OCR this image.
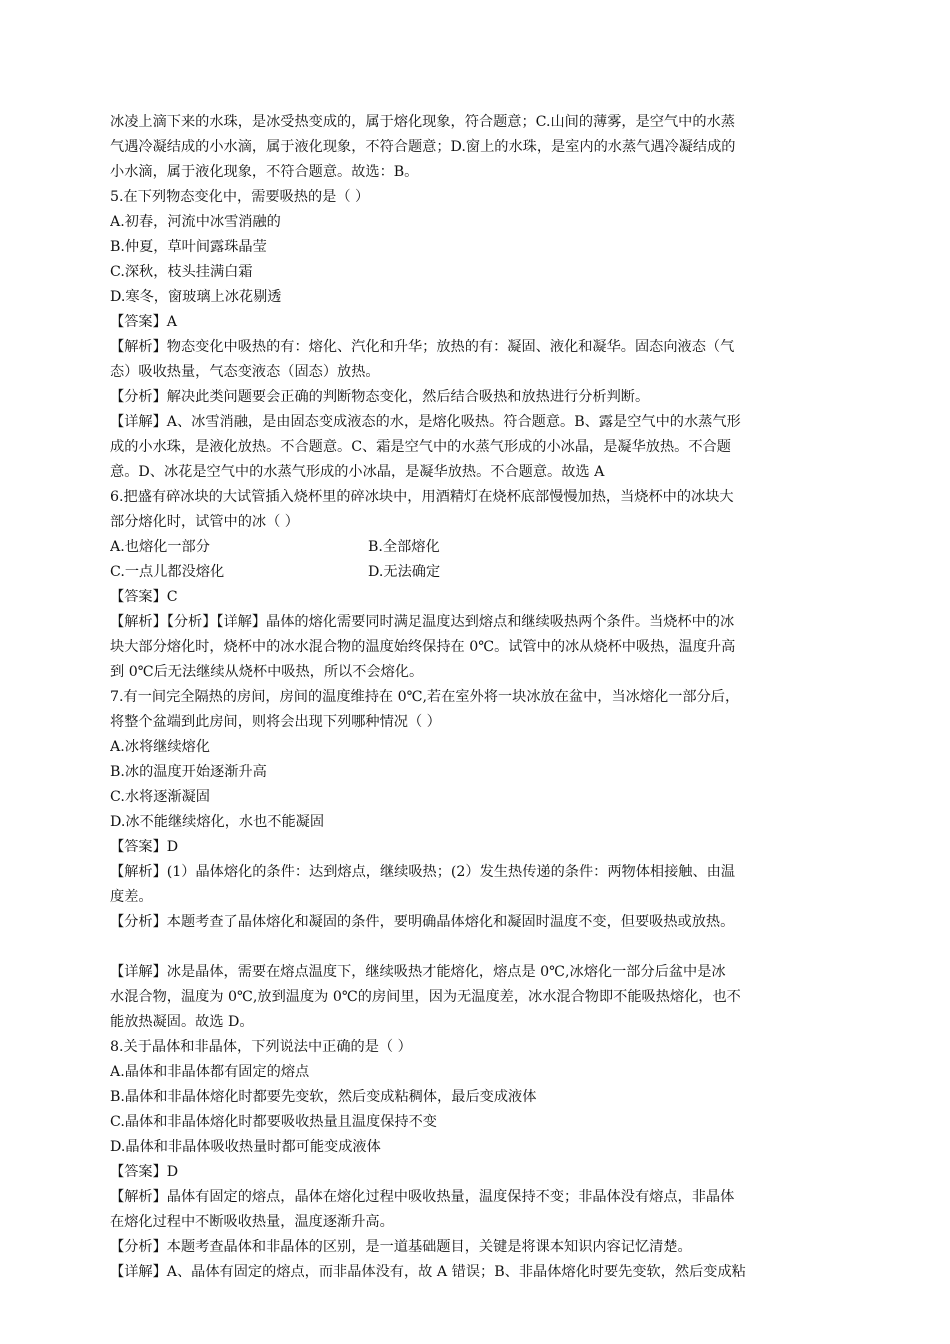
冰凌上滴下来的水珠，是冰受热变成的，属于熔化现象，符合题意；C.山间的薄雾，是空气中的水蒸
气遇冷凝结成的小水滴，属于液化现象，不符合题意；D.窗上的水珠，是室内的水蒸气遇冷凝结成的
小水滴，属于液化现象，不符合题意。故选：B。
5.在下列物态变化中，需要吸热的是（ ）
A.初春，河流中冰雪消融的
B.仲夏，草叶间露珠晶莹
C.深秋，枝头挂满白霜
D.寒冬，窗玻璃上冰花剔透
【答案】A
【解析】物态变化中吸热的有：熔化、汽化和升华；放热的有：凝固、液化和凝华。固态向液态（气
态）吸收热量，气态变液态（固态）放热。
【分析】解决此类问题要会正确的判断物态变化，然后结合吸热和放热进行分析判断。
【详解】A、冰雪消融，是由固态变成液态的水，是熔化吸热。符合题意。B、露是空气中的水蒸气形
成的小水珠，是液化放热。不合题意。C、霜是空气中的水蒸气形成的小冰晶，是凝华放热。不合题
意。D、冰花是空气中的水蒸气形成的小冰晶，是凝华放热。不合题意。故选 A
6.把盛有碎冰块的大试管插入烧杯里的碎冰块中，用酒精灯在烧杯底部慢慢加热，当烧杯中的冰块大
部分熔化时，试管中的冰（ ）
A.也熔化一部分	B.全部熔化
C.一点儿都没熔化	D.无法确定
【答案】C
【解析】【分析】【详解】晶体的熔化需要同时满足温度达到熔点和继续吸热两个条件。当烧杯中的冰
块大部分熔化时，烧杯中的冰水混合物的温度始终保持在 0℃。试管中的冰从烧杯中吸热，温度升高
到 0℃后无法继续从烧杯中吸热，所以不会熔化。
7.有一间完全隔热的房间，房间的温度维持在 0℃,若在室外将一块冰放在盆中，当冰熔化一部分后，
将整个盆端到此房间，则将会出现下列哪种情况（ ）
A.冰将继续熔化
B.冰的温度开始逐渐升高
C.水将逐渐凝固
D.冰不能继续熔化，水也不能凝固
【答案】D
【解析】(1）晶体熔化的条件：达到熔点，继续吸热；(2）发生热传递的条件：两物体相接触、由温
度差。
【分析】本题考查了晶体熔化和凝固的条件，要明确晶体熔化和凝固时温度不变，但要吸热或放热。
【详解】冰是晶体，需要在熔点温度下，继续吸热才能熔化，熔点是 0℃,冰熔化一部分后盆中是冰
水混合物，温度为 0℃,放到温度为 0℃的房间里，因为无温度差，冰水混合物即不能吸热熔化，也不
能放热凝固。故选 D。
8.关于晶体和非晶体，下列说法中正确的是（ ）
A.晶体和非晶体都有固定的熔点
B.晶体和非晶体熔化时都要先变软，然后变成粘稠体，最后变成液体
C.晶体和非晶体熔化时都要吸收热量且温度保持不变
D.晶体和非晶体吸收热量时都可能变成液体
【答案】D
【解析】晶体有固定的熔点，晶体在熔化过程中吸收热量，温度保持不变；非晶体没有熔点，非晶体
在熔化过程中不断吸收热量，温度逐渐升高。
【分析】本题考查晶体和非晶体的区别，是一道基础题目，关键是将课本知识内容记忆清楚。
【详解】A、晶体有固定的熔点，而非晶体没有，故 A 错误；B、非晶体熔化时要先变软，然后变成粘
